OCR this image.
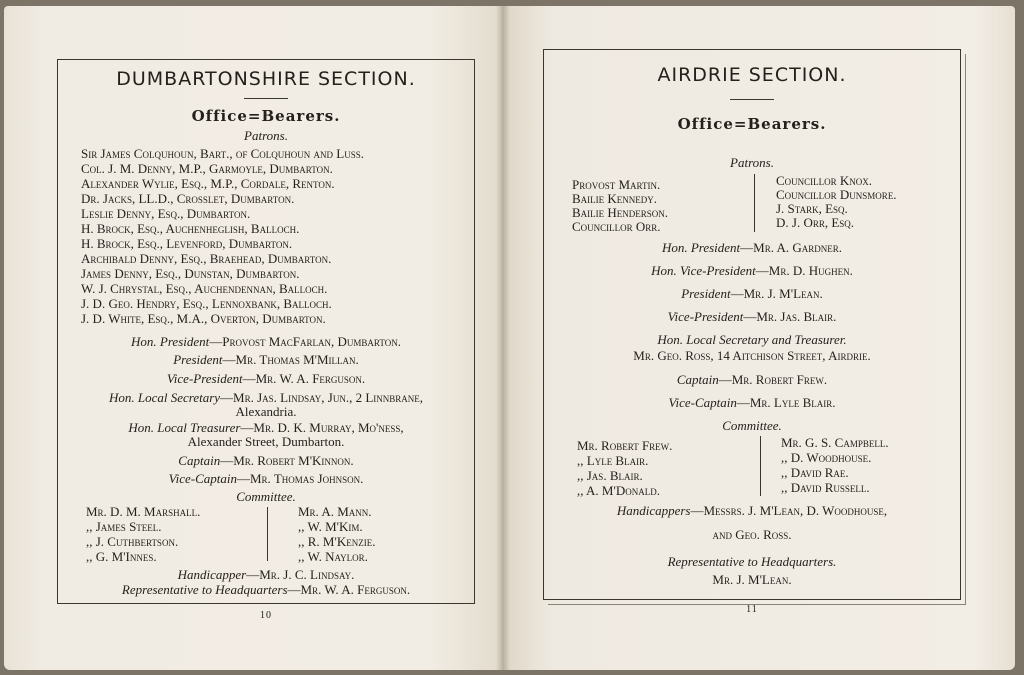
DUMBARTONSHIRE SECTION.
Office=Bearers.
Patrons.
Sir James Colquhoun, Bart., of Colquhoun and Luss.
Col. J. M. Denny, M.P., Garmoyle, Dumbarton.
Alexander Wylie, Esq., M.P., Cordale, Renton.
Dr. Jacks, LL.D., Crosslet, Dumbarton.
Leslie Denny, Esq., Dumbarton.
H. Brock, Esq., Auchenheglish, Balloch.
H. Brock, Esq., Levenford, Dumbarton.
Archibald Denny, Esq., Braehead, Dumbarton.
James Denny, Esq., Dunstan, Dumbarton.
W. J. Chrystal, Esq., Auchendennan, Balloch.
J. D. Geo. Hendry, Esq., Lennoxbank, Balloch.
J. D. White, Esq., M.A., Overton, Dumbarton.
Hon. President—Provost MacFarlan, Dumbarton.
President—Mr. Thomas M'Millan.
Vice-President—Mr. W. A. Ferguson.
Hon. Local Secretary—Mr. Jas. Lindsay, Jun., 2 Linnbrane,
Alexandria.
Hon. Local Treasurer—Mr. D. K. Murray, Mo'ness,
Alexander Street, Dumbarton.
Captain—Mr. Robert M'Kinnon.
Vice-Captain—Mr. Thomas Johnson.
Committee.
Mr. D. M. Marshall.
,, James Steel.
,, J. Cuthbertson.
,, G. M'Innes.
Mr. A. Mann.
,, W. M'Kim.
,, R. M'Kenzie.
,, W. Naylor.
Handicapper—Mr. J. C. Lindsay.
Representative to Headquarters—Mr. W. A. Ferguson.
10
AIRDRIE SECTION.
Office=Bearers.
Patrons.
Provost Martin.
Bailie Kennedy.
Bailie Henderson.
Councillor Orr.
Councillor Knox.
Councillor Dunsmore.
J. Stark, Esq.
D. J. Orr, Esq.
Hon. President—Mr. A. Gardner.
Hon. Vice-President—Mr. D. Hughen.
President—Mr. J. M'Lean.
Vice-President—Mr. Jas. Blair.
Hon. Local Secretary and Treasurer.
Mr. Geo. Ross, 14 Aitchison Street, Airdrie.
Captain—Mr. Robert Frew.
Vice-Captain—Mr. Lyle Blair.
Committee.
Mr. Robert Frew.
,, Lyle Blair.
,, Jas. Blair.
,, A. M'Donald.
Mr. G. S. Campbell.
,, D. Woodhouse.
,, David Rae.
,, David Russell.
Handicappers—Messrs. J. M'Lean, D. Woodhouse,
and Geo. Ross.
Representative to Headquarters.
Mr. J. M'Lean.
11
